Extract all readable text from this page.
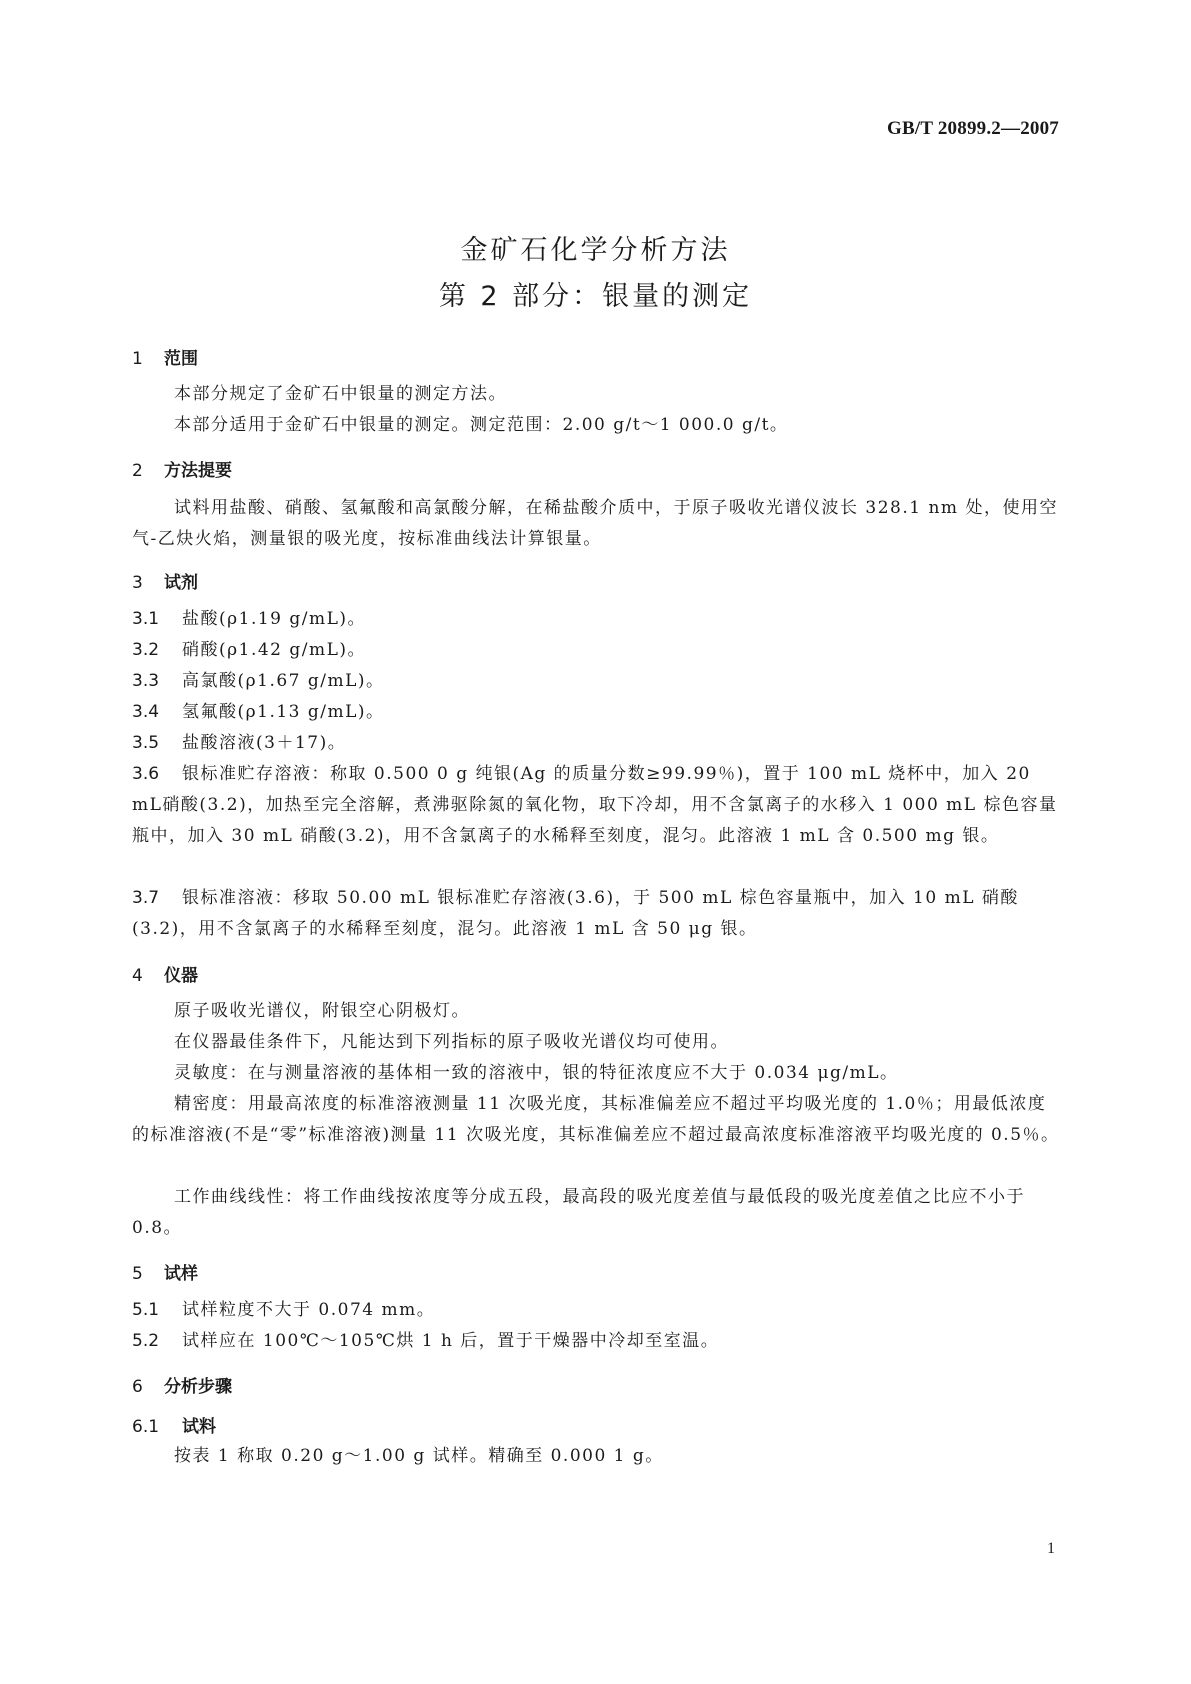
GB/T 20899.2—2007
金矿石化学分析方法
第 2 部分：银量的测定
1 范围
本部分规定了金矿石中银量的测定方法。
本部分适用于金矿石中银量的测定。测定范围：2.00 g/t～1 000.0 g/t。
2 方法提要
试料用盐酸、硝酸、氢氟酸和高氯酸分解，在稀盐酸介质中，于原子吸收光谱仪波长 328.1 nm 处，使用空气-乙炔火焰，测量银的吸光度，按标准曲线法计算银量。
3 试剂
3.1 盐酸(ρ1.19 g/mL)。
3.2 硝酸(ρ1.42 g/mL)。
3.3 高氯酸(ρ1.67 g/mL)。
3.4 氢氟酸(ρ1.13 g/mL)。
3.5 盐酸溶液(3＋17)。
3.6 银标准贮存溶液：称取 0.500 0 g 纯银(Ag 的质量分数≥99.99％)，置于 100 mL 烧杯中，加入 20 mL硝酸(3.2)，加热至完全溶解，煮沸驱除氮的氧化物，取下冷却，用不含氯离子的水移入 1 000 mL 棕色容量瓶中，加入 30 mL 硝酸(3.2)，用不含氯离子的水稀释至刻度，混匀。此溶液 1 mL 含 0.500 mg 银。
3.7 银标准溶液：移取 50.00 mL 银标准贮存溶液(3.6)，于 500 mL 棕色容量瓶中，加入 10 mL 硝酸(3.2)，用不含氯离子的水稀释至刻度，混匀。此溶液 1 mL 含 50 μg 银。
4 仪器
原子吸收光谱仪，附银空心阴极灯。
在仪器最佳条件下，凡能达到下列指标的原子吸收光谱仪均可使用。
灵敏度：在与测量溶液的基体相一致的溶液中，银的特征浓度应不大于 0.034 μg/mL。
精密度：用最高浓度的标准溶液测量 11 次吸光度，其标准偏差应不超过平均吸光度的 1.0％；用最低浓度的标准溶液(不是“零”标准溶液)测量 11 次吸光度，其标准偏差应不超过最高浓度标准溶液平均吸光度的 0.5％。
工作曲线线性：将工作曲线按浓度等分成五段，最高段的吸光度差值与最低段的吸光度差值之比应不小于 0.8。
5 试样
5.1 试样粒度不大于 0.074 mm。
5.2 试样应在 100℃～105℃烘 1 h 后，置于干燥器中冷却至室温。
6 分析步骤
6.1 试料
按表 1 称取 0.20 g～1.00 g 试样。精确至 0.000 1 g。
1
